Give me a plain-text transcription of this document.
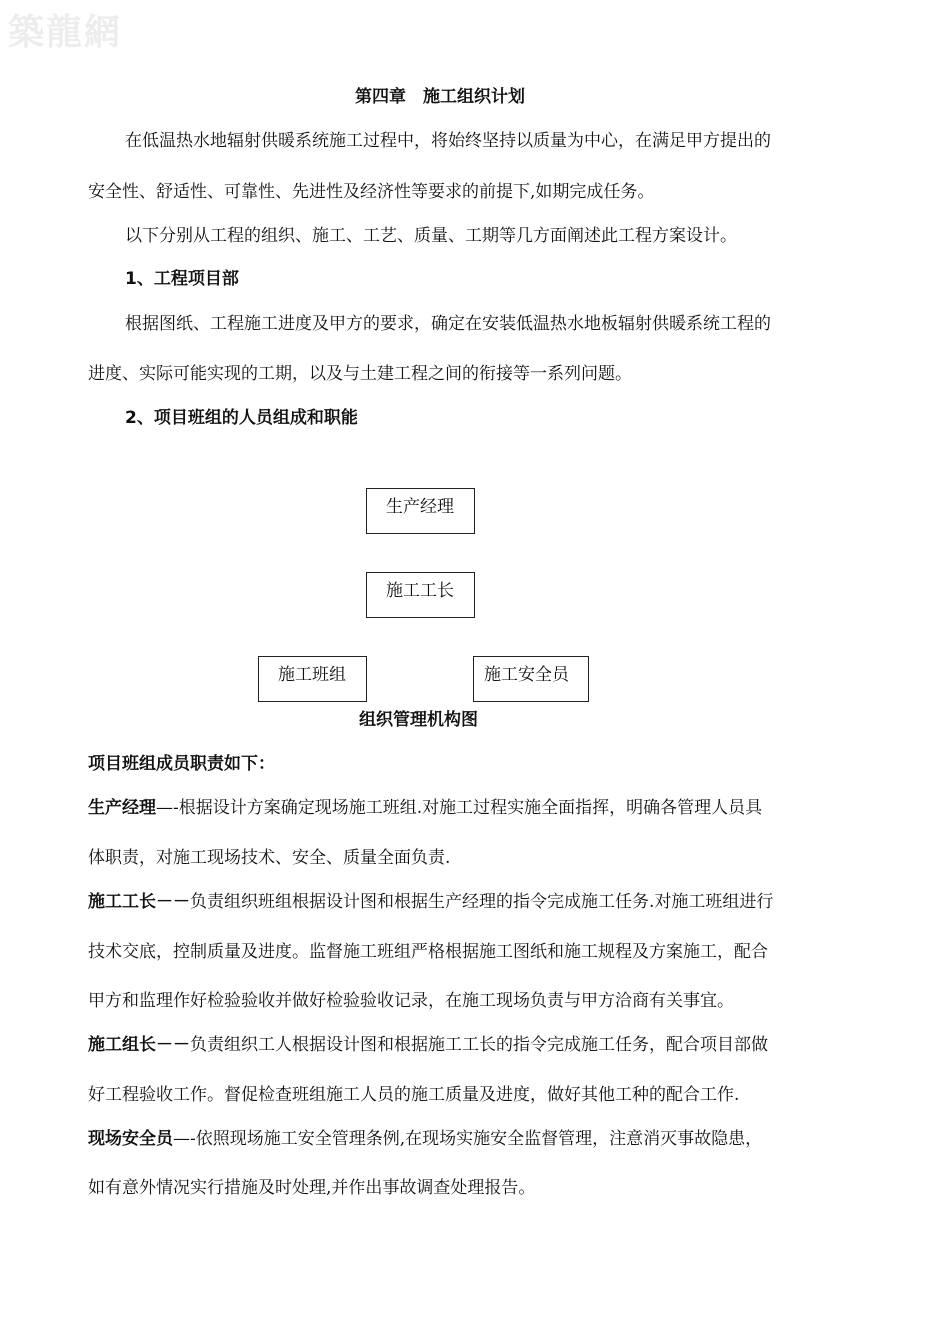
築龍網
第四章　施工组织计划
在低温热水地辐射供暖系统施工过程中，将始终坚持以质量为中心，在满足甲方提出的
安全性、舒适性、可靠性、先进性及经济性等要求的前提下,如期完成任务。
以下分别从工程的组织、施工、工艺、质量、工期等几方面阐述此工程方案设计。
1、工程项目部
根据图纸、工程施工进度及甲方的要求，确定在安装低温热水地板辐射供暖系统工程的
进度、实际可能实现的工期，以及与土建工程之间的衔接等一系列问题。
2、项目班组的人员组成和职能
生产经理
施工工长
施工班组	施工安全员
组织管理机构图
项目班组成员职责如下：
生产经理—-根据设计方案确定现场施工班组.对施工过程实施全面指挥，明确各管理人员具
体职责，对施工现场技术、安全、质量全面负责.
施工工长－－负责组织班组根据设计图和根据生产经理的指令完成施工任务.对施工班组进行
技术交底，控制质量及进度。监督施工班组严格根据施工图纸和施工规程及方案施工，配合
甲方和监理作好检验验收并做好检验验收记录，在施工现场负责与甲方洽商有关事宜。
施工组长－－负责组织工人根据设计图和根据施工工长的指令完成施工任务，配合项目部做
好工程验收工作。督促检查班组施工人员的施工质量及进度，做好其他工种的配合工作.
现场安全员—-依照现场施工安全管理条例,在现场实施安全监督管理，注意消灭事故隐患，
如有意外情况实行措施及时处理,并作出事故调查处理报告。
